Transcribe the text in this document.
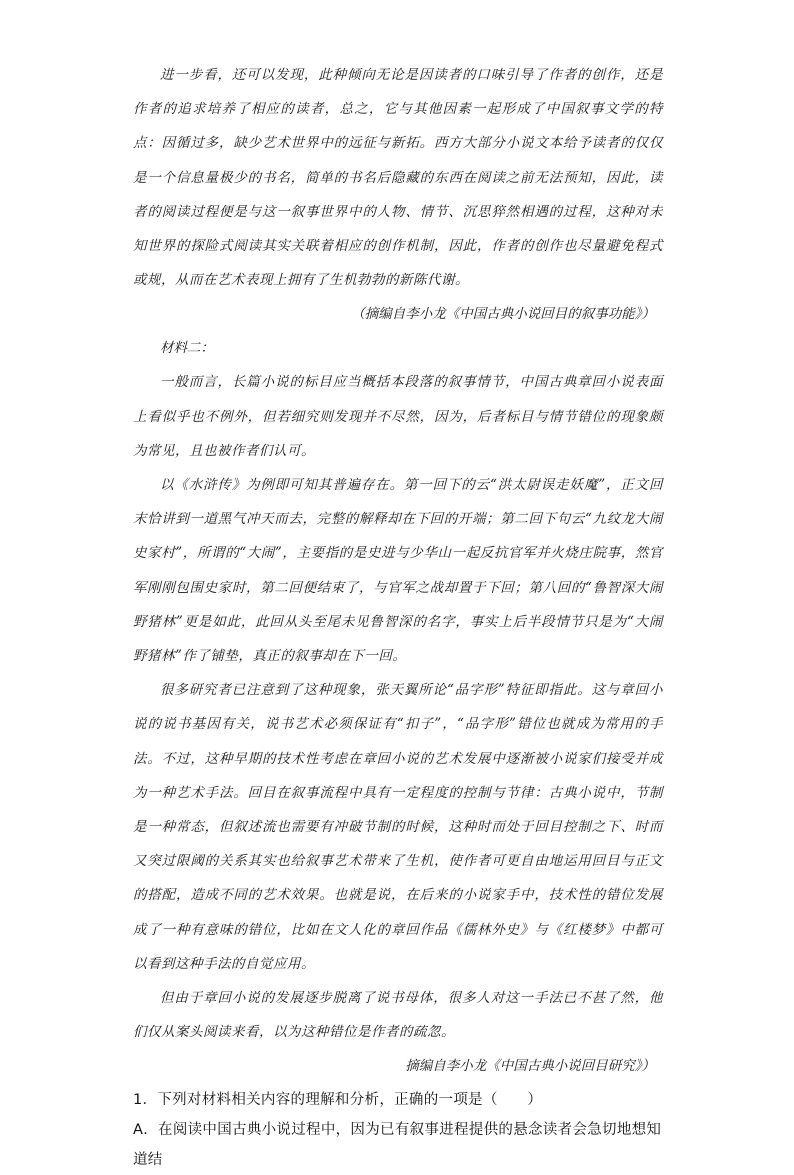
进一步看，还可以发现，此种倾向无论是因读者的口味引导了作者的创作，还是作者的追求培养了相应的读者，总之，它与其他因素一起形成了中国叙事文学的特点：因循过多，缺少艺术世界中的远征与新拓。西方大部分小说文本给予读者的仅仅是一个信息量极少的书名，简单的书名后隐藏的东西在阅读之前无法预知，因此，读者的阅读过程便是与这一叙事世界中的人物、情节、沉思猝然相遇的过程，这种对未知世界的探险式阅读其实关联着相应的创作机制，因此，作者的创作也尽量避免程式或规，从而在艺术表现上拥有了生机勃勃的新陈代谢。

（摘编自李小龙《中国古典小说回目的叙事功能》）

材料二：

一般而言，长篇小说的标目应当概括本段落的叙事情节，中国古典章回小说表面上看似乎也不例外，但若细究则发现并不尽然，因为，后者标目与情节错位的现象颇为常见，且也被作者们认可。

以《水浒传》为例即可知其普遍存在。第一回下的云“洪太尉误走妖魔”，正文回末恰讲到一道黑气冲天而去，完整的解释却在下回的开端；第二回下句云“九纹龙大闹史家村”，所谓的“大闹”，主要指的是史进与少华山一起反抗官军并火烧庄院事，然官军刚刚包围史家时，第二回便结束了，与官军之战却置于下回；第八回的“鲁智深大闹野猪林”更是如此，此回从头至尾未见鲁智深的名字，事实上后半段情节只是为“大闹野猪林”作了铺垫，真正的叙事却在下一回。

很多研究者已注意到了这种现象，张天翼所论“品字形”特征即指此。这与章回小说的说书基因有关，说书艺术必须保证有“扣子”，“品字形”错位也就成为常用的手法。不过，这种早期的技术性考虑在章回小说的艺术发展中逐渐被小说家们接受并成为一种艺术手法。回目在叙事流程中具有一定程度的控制与节律：古典小说中，节制是一种常态，但叙述流也需要有冲破节制的时候，这种时而处于回目控制之下、时而又突过限阈的关系其实也给叙事艺术带来了生机，使作者可更自由地运用回目与正文的搭配，造成不同的艺术效果。也就是说，在后来的小说家手中，技术性的错位发展成了一种有意味的错位，比如在文人化的章回作品《儒林外史》与《红楼梦》中都可以看到这种手法的自觉应用。

但由于章回小说的发展逐步脱离了说书母体，很多人对这一手法已不甚了然，他们仅从案头阅读来看，以为这种错位是作者的疏忽。

摘编自李小龙《中国古典小说回目研究》）

1．下列对材料相关内容的理解和分析，正确的一项是（　　）

A．在阅读中国古典小说过程中，因为已有叙事进程提供的悬念读者会急切地想知道结
